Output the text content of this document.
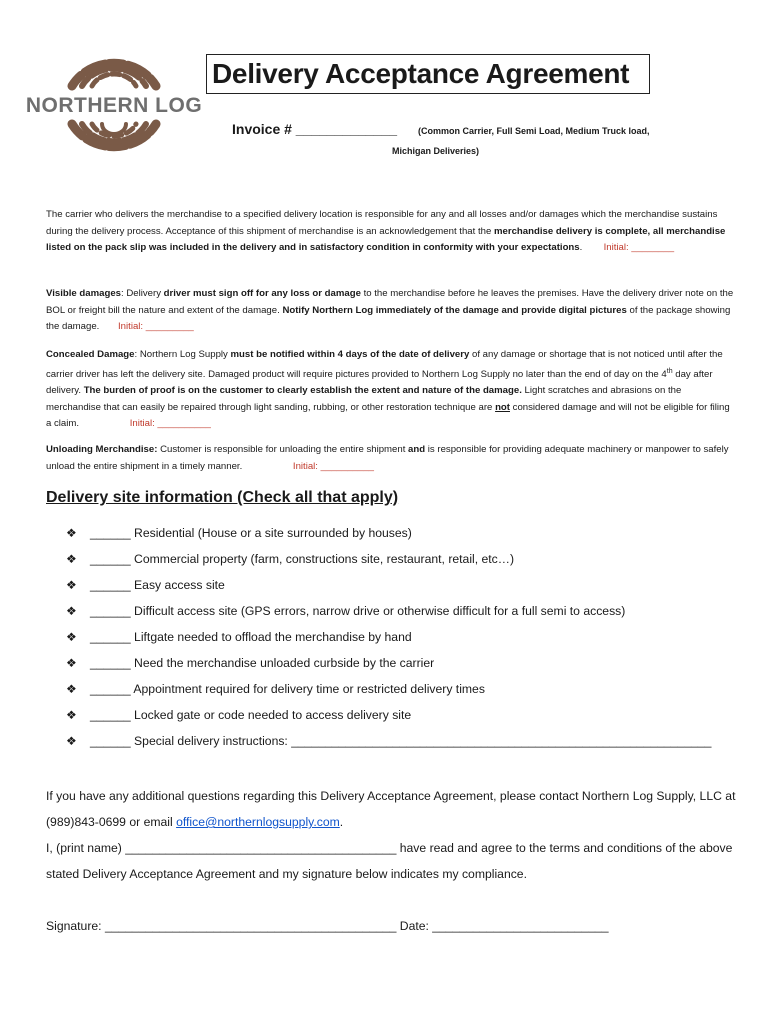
NORTHERN LOG
Delivery Acceptance Agreement
Invoice # _____________ (Common Carrier, Full Semi Load, Medium Truck load,
Michigan Deliveries)
The carrier who delivers the merchandise to a specified delivery location is responsible for any and all losses and/or damages which the merchandise sustains during the delivery process. Acceptance of this shipment of merchandise is an acknowledgement that the merchandise delivery is complete, all merchandise listed on the pack slip was included in the delivery and in satisfactory condition in conformity with your expectations. Initial: ________
Visible damages: Delivery driver must sign off for any loss or damage to the merchandise before he leaves the premises. Have the delivery driver note on the BOL or freight bill the nature and extent of the damage. Notify Northern Log immediately of the damage and provide digital pictures of the package showing the damage. Initial: _________
Concealed Damage: Northern Log Supply must be notified within 4 days of the date of delivery of any damage or shortage that is not noticed until after the carrier driver has left the delivery site. Damaged product will require pictures provided to Northern Log Supply no later than the end of day on the 4th day after delivery. The burden of proof is on the customer to clearly establish the extent and nature of the damage. Light scratches and abrasions on the merchandise that can easily be repaired through light sanding, rubbing, or other restoration technique are not considered damage and will not be eligible for filing a claim.	Initial: __________
Unloading Merchandise: Customer is responsible for unloading the entire shipment and is responsible for providing adequate machinery or manpower to safely unload the entire shipment in a timely manner.	Initial: __________
Delivery site information (Check all that apply)
❖	______ Residential (House or a site surrounded by houses)
❖	______ Commercial property (farm, constructions site, restaurant, retail, etc…)
❖	______ Easy access site
❖	______ Difficult access site (GPS errors, narrow drive or otherwise difficult for a full semi to access)
❖	______ Liftgate needed to offload the merchandise by hand
❖	______ Need the merchandise unloaded curbside by the carrier
❖	______ Appointment required for delivery time or restricted delivery times
❖	______ Locked gate or code needed to access delivery site
❖	______ Special delivery instructions: ______________________________________________________________
If you have any additional questions regarding this Delivery Acceptance Agreement, please contact Northern Log Supply, LLC at (989)843-0699 or email office@northernlogsupply.com.
I, (print name) ________________________________________ have read and agree to the terms and conditions of the above stated Delivery Acceptance Agreement and my signature below indicates my compliance.
Signature: ___________________________________________ Date: __________________________
